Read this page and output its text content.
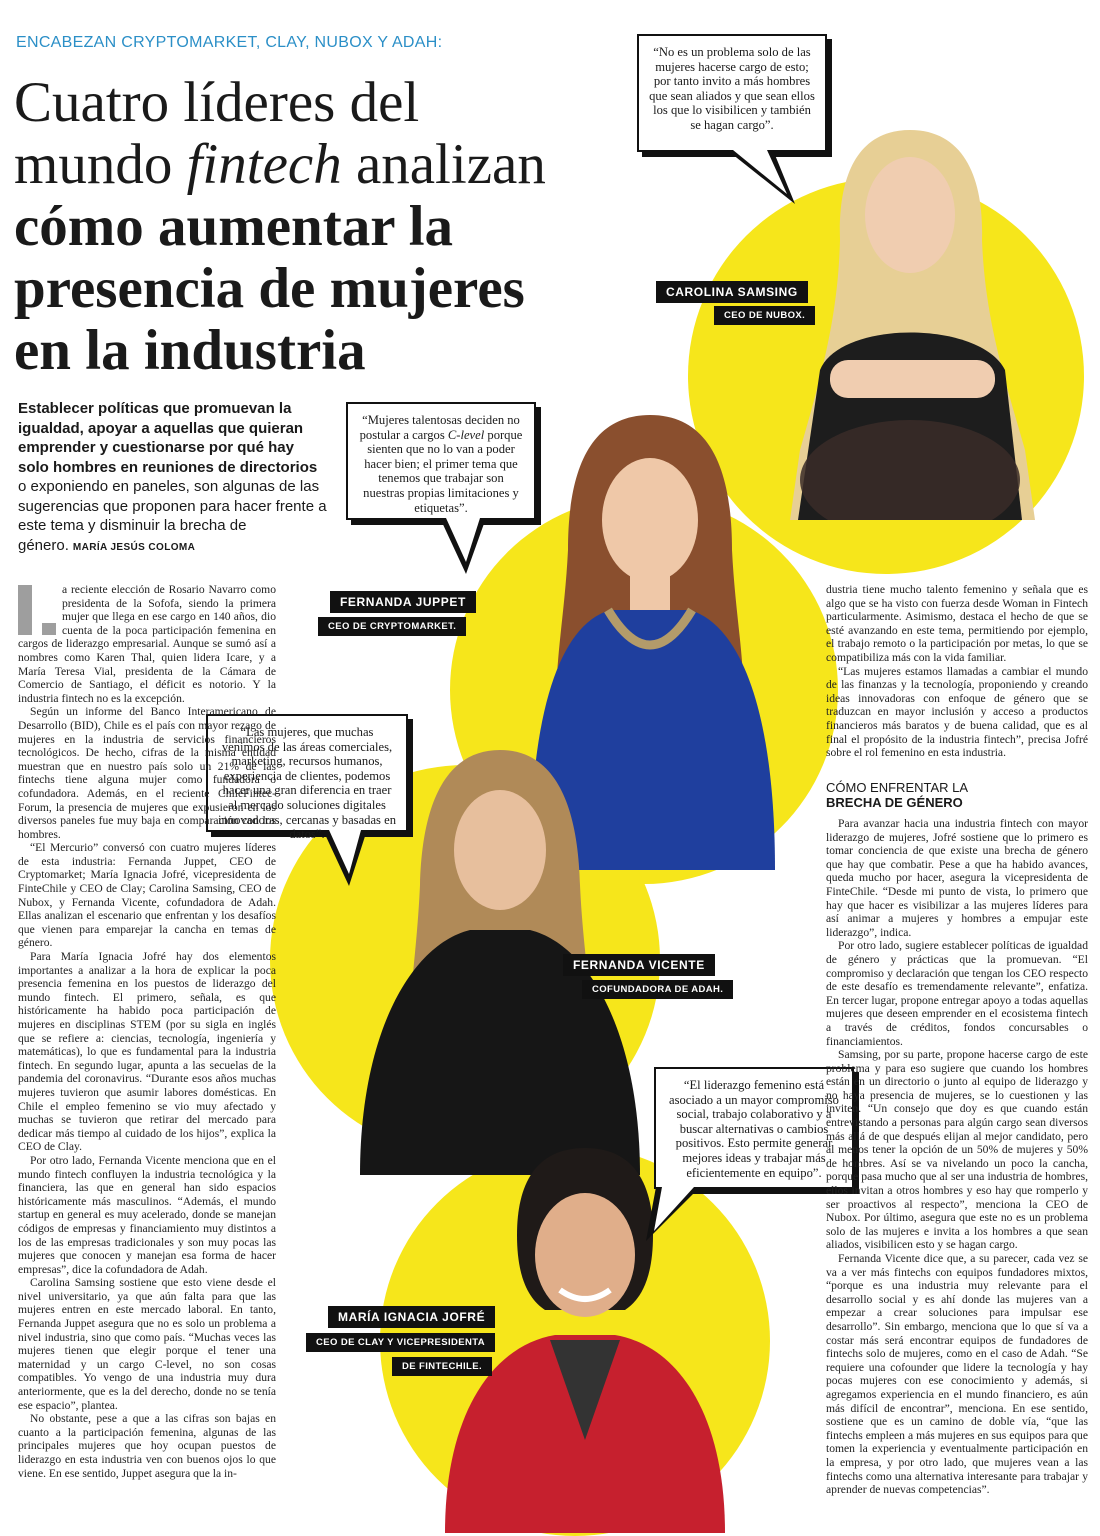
ENCABEZAN CRYPTOMARKET, CLAY, NUBOX Y ADAH:
Cuatro líderes del
mundo fintech analizan
cómo aumentar la
presencia de mujeres
en la industria
Establecer políticas que promuevan la igualdad, apoyar a aquellas que quieran emprender y cuestionarse por qué hay solo hombres en reuniones de directorios o exponiendo en paneles, son algunas de las sugerencias que proponen para hacer frente a este tema y disminuir la brecha de género. MARÍA JESÚS COLOMA
CAROLINA SAMSING
CEO DE NUBOX.
FERNANDA JUPPET
CEO DE CRYPTOMARKET.
FERNANDA VICENTE
COFUNDADORA DE ADAH.
MARÍA IGNACIA JOFRÉ
CEO DE CLAY Y VICEPRESIDENTA
DE FINTECHILE.
“No es un problema solo de las mujeres hacerse cargo de esto; por tanto invito a más hombres que sean aliados y que sean ellos los que lo visibilicen y también se hagan cargo”.
“Mujeres talentosas deciden no postular a cargos C-level porque sienten que no lo van a poder hacer bien; el primer tema que tenemos que trabajar son nuestras propias limitaciones y etiquetas”.
“Las mujeres, que muchas venimos de las áreas comerciales, marketing, recursos humanos, experiencia de clientes, podemos hacer una gran diferencia en traer al mercado soluciones digitales innovadoras, cercanas y basadas en datos”.
“El liderazgo femenino está asociado a un mayor compromiso social, trabajo colaborativo y a buscar alternativas o cambios positivos. Esto permite generar mejores ideas y trabajar más eficientemente en equipo”.

a reciente elección de Rosario Navarro como presidenta de la Sofofa, siendo la primera mujer que llega en ese cargo en 140 años, dio cuenta de la poca participación femenina en cargos de liderazgo empresarial. Aunque se sumó así a nombres como Karen Thal, quien lidera Icare, y a María Teresa Vial, presidenta de la Cámara de Comercio de Santiago, el déficit es notorio. Y la industria fintech no es la excepción.

Según un informe del Banco Interamericano de Desarrollo (BID), Chile es el país con mayor rezago de mujeres en la industria de servicios financieros tecnológicos. De hecho, cifras de la misma entidad muestran que en nuestro país solo un 21% de las fintechs tiene alguna mujer como fundadora o cofundadora. Además, en el reciente ChileFintec-Forum, la presencia de mujeres que expusieron en los diversos paneles fue muy baja en comparación con los hombres.

“El Mercurio” conversó con cuatro mujeres líderes de esta industria: Fernanda Juppet, CEO de Cryptomarket; María Ignacia Jofré, vicepresidenta de FinteChile y CEO de Clay; Carolina Samsing, CEO de Nubox, y Fernanda Vicente, cofundadora de Adah. Ellas analizan el escenario que enfrentan y los desafíos que vienen para emparejar la cancha en temas de género.

Para María Ignacia Jofré hay dos elementos importantes a analizar a la hora de explicar la poca presencia femenina en los puestos de liderazgo del mundo fintech. El primero, señala, es que históricamente ha habido poca participación de mujeres en disciplinas STEM (por su sigla en inglés que se refiere a: ciencias, tecnología, ingeniería y matemáticas), lo que es fundamental para la industria fintech. En segundo lugar, apunta a las secuelas de la pandemia del coronavirus. “Durante esos años muchas mujeres tuvieron que asumir labores domésticas. En Chile el empleo femenino se vio muy afectado y muchas se tuvieron que retirar del mercado para dedicar más tiempo al cuidado de los hijos”, explica la CEO de Clay.

Por otro lado, Fernanda Vicente menciona que en el mundo fintech confluyen la industria tecnológica y la financiera, las que en general han sido espacios históricamente más masculinos. “Además, el mundo startup en general es muy acelerado, donde se manejan códigos de empresas y financiamiento muy distintos a los de las empresas tradicionales y son muy pocas las mujeres que conocen y manejan esa forma de hacer empresas”, dice la cofundadora de Adah.

Carolina Samsing sostiene que esto viene desde el nivel universitario, ya que aún falta para que las mujeres entren en este mercado laboral. En tanto, Fernanda Juppet asegura que no es solo un problema a nivel industria, sino que como país. “Muchas veces las mujeres tienen que elegir porque el tener una maternidad y un cargo C-level, no son cosas compatibles. Yo vengo de una industria muy dura anteriormente, que es la del derecho, donde no se tenía ese espacio”, plantea.

No obstante, pese a que a las cifras son bajas en cuanto a la participación femenina, algunas de las principales mujeres que hoy ocupan puestos de liderazgo en esta industria ven con buenos ojos lo que viene. En ese sentido, Juppet asegura que la in-

dustria tiene mucho talento femenino y señala que es algo que se ha visto con fuerza desde Woman in Fintech particularmente. Asimismo, destaca el hecho de que se esté avanzando en este tema, permitiendo por ejemplo, el trabajo remoto o la participación por metas, lo que se compatibiliza más con la vida familiar.

“Las mujeres estamos llamadas a cambiar el mundo de las finanzas y la tecnología, proponiendo y creando ideas innovadoras con enfoque de género que se traduzcan en mayor inclusión y acceso a productos financieros más baratos y de buena calidad, que es al final el propósito de la industria fintech”, precisa Jofré sobre el rol femenino en esta industria.

CÓMO ENFRENTAR LA
BRECHA DE GÉNERO

Para avanzar hacia una industria fintech con mayor liderazgo de mujeres, Jofré sostiene que lo primero es tomar conciencia de que existe una brecha de género que hay que combatir. Pese a que ha habido avances, queda mucho por hacer, asegura la vicepresidenta de FinteChile. “Desde mi punto de vista, lo primero que hay que hacer es visibilizar a las mujeres líderes para así animar a mujeres y hombres a empujar este liderazgo”, indica.

Por otro lado, sugiere establecer políticas de igualdad de género y prácticas que la promuevan. “El compromiso y declaración que tengan los CEO respecto de este desafío es tremendamente relevante”, enfatiza. En tercer lugar, propone entregar apoyo a todas aquellas mujeres que deseen emprender en el ecosistema fintech a través de créditos, fondos concursables o financiamientos.

Samsing, por su parte, propone hacerse cargo de este problema y para eso sugiere que cuando los hombres están en un directorio o junto al equipo de liderazgo y no haya presencia de mujeres, se lo cuestionen y las inviten. “Un consejo que doy es que cuando están entrevistando a personas para algún cargo sean diversos más allá de que después elijan al mejor candidato, pero al menos tener la opción de un 50% de mujeres y 50% de hombres. Así se va nivelando un poco la cancha, porque pasa mucho que al ser una industria de hombres, ellos invitan a otros hombres y eso hay que romperlo y ser proactivos al respecto”, menciona la CEO de Nubox. Por último, asegura que este no es un problema solo de las mujeres e invita a los hombres a que sean aliados, visibilicen esto y se hagan cargo.

Fernanda Vicente dice que, a su parecer, cada vez se va a ver más fintechs con equipos fundadores mixtos, “porque es una industria muy relevante para el desarrollo social y es ahí donde las mujeres van a empezar a crear soluciones para impulsar ese desarrollo”. Sin embargo, menciona que lo que sí va a costar más será encontrar equipos de fundadores de fintechs solo de mujeres, como en el caso de Adah. “Se requiere una cofounder que lidere la tecnología y hay pocas mujeres con ese conocimiento y además, si agregamos experiencia en el mundo financiero, es aún más difícil de encontrar”, menciona. En ese sentido, sostiene que es un camino de doble vía, “que las fintechs empleen a más mujeres en sus equipos para que tomen la experiencia y eventualmente participación en la empresa, y por otro lado, que mujeres vean a las fintechs como una alternativa interesante para trabajar y aprender de nuevas competencias”.
